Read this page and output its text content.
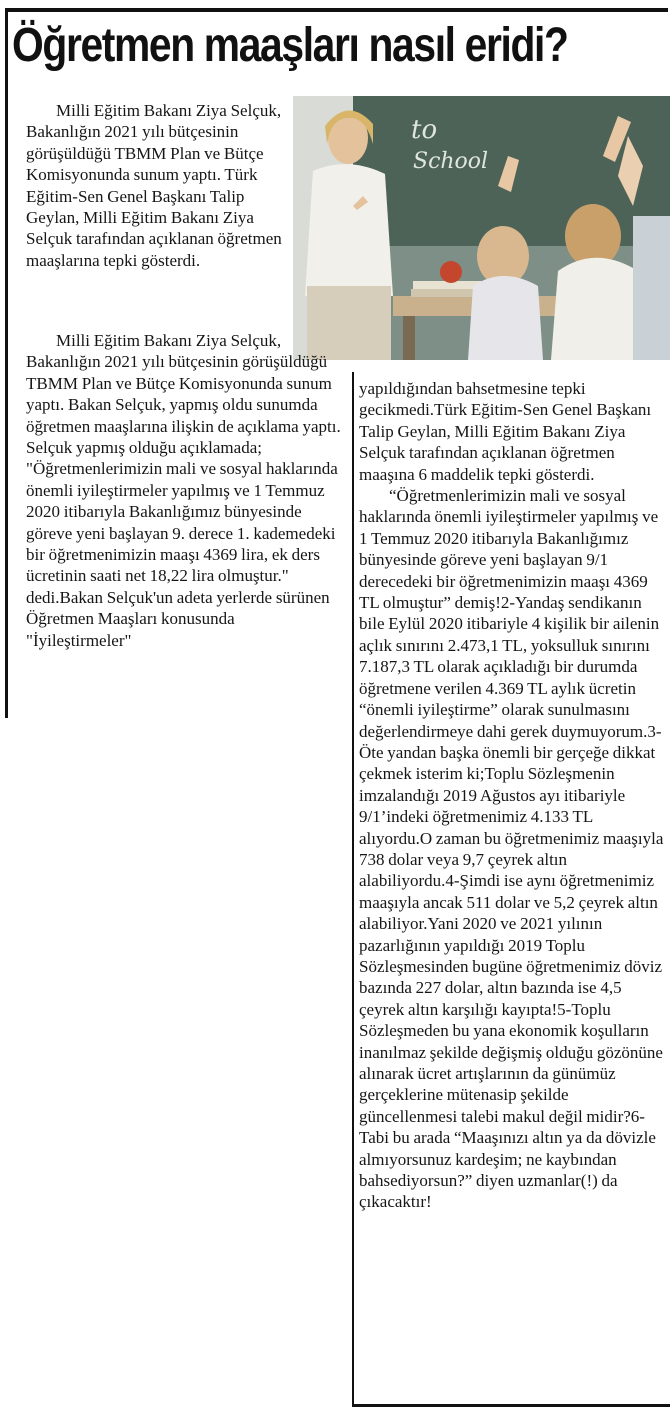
Öğretmen maaşları nasıl eridi?
to
School

Milli Eğitim Bakanı Ziya Selçuk, Bakanlığın 2021 yılı bütçesinin görüşüldüğü TBMM Plan ve Bütçe Komisyonunda sunum yaptı. Türk Eğitim-Sen Genel Başkanı Talip Geylan, Milli Eğitim Bakanı Ziya Selçuk tarafından açıklanan öğretmen maaşlarına tepki gösterdi.

Milli Eğitim Bakanı Ziya Selçuk, Bakanlığın 2021 yılı bütçesinin görüşüldüğü TBMM Plan ve Bütçe Komisyonunda sunum yaptı. Bakan Selçuk, yapmış oldu sunumda öğretmen maaşlarına ilişkin de açıklama yaptı. Selçuk yapmış olduğu açıklamada; "Öğretmenlerimizin mali ve sosyal haklarında önemli iyileştirmeler yapılmış ve 1 Temmuz 2020 itibarıyla Bakanlığımız bünyesinde göreve yeni başlayan 9. derece 1. kademedeki bir öğretmenimizin maaşı 4369 lira, ek ders ücretinin saati net 18,22 lira olmuştur." dedi.Bakan Selçuk'un adeta yerlerde sürünen Öğretmen Maaşları konusunda "İyileştirmeler"

yapıldığından bahsetmesine tepki gecikmedi.Türk Eğitim-Sen Genel Başkanı Talip Geylan, Milli Eğitim Bakanı Ziya Selçuk tarafından açıklanan öğretmen maaşına 6 maddelik tepki gösterdi.

“Öğretmenlerimizin mali ve sosyal haklarında önemli iyileştirmeler yapılmış ve 1 Temmuz 2020 itibarıyla Bakanlığımız bünyesinde göreve yeni başlayan 9/1 derecedeki bir öğretmenimizin maaşı 4369 TL olmuştur” demiş!2-Yandaş sendikanın bile Eylül 2020 itibariyle 4 kişilik bir ailenin açlık sınırını 2.473,1 TL, yoksulluk sınırını 7.187,3 TL olarak açıkladığı bir durumda öğretmene verilen 4.369 TL aylık ücretin “önemli iyileştirme” olarak sunulmasını değerlendirmeye dahi gerek duymuyorum.3-Öte yandan başka önemli bir gerçeğe dikkat çekmek isterim ki;Toplu Sözleşmenin imzalandığı 2019 Ağustos ayı itibariyle 9/1’indeki öğretmenimiz 4.133 TL alıyordu.O zaman bu öğretmenimiz maaşıyla 738 dolar veya 9,7 çeyrek altın alabiliyordu.4-Şimdi ise aynı öğretmenimiz maaşıyla ancak 511 dolar ve 5,2 çeyrek altın alabiliyor.Yani 2020 ve 2021 yılının pazarlığının yapıldığı 2019 Toplu Sözleşmesinden bugüne öğretmenimiz döviz bazında 227 dolar, altın bazında ise 4,5 çeyrek altın karşılığı kayıpta!5-Toplu Sözleşmeden bu yana ekonomik koşulların inanılmaz şekilde değişmiş olduğu gözönüne alınarak ücret artışlarının da günümüz gerçeklerine mütenasip şekilde güncellenmesi talebi makul değil midir?6- Tabi bu arada “Maaşınızı altın ya da dövizle almıyorsunuz kardeşim; ne kaybından bahsediyorsun?” diyen uzmanlar(!) da çıkacaktır!
